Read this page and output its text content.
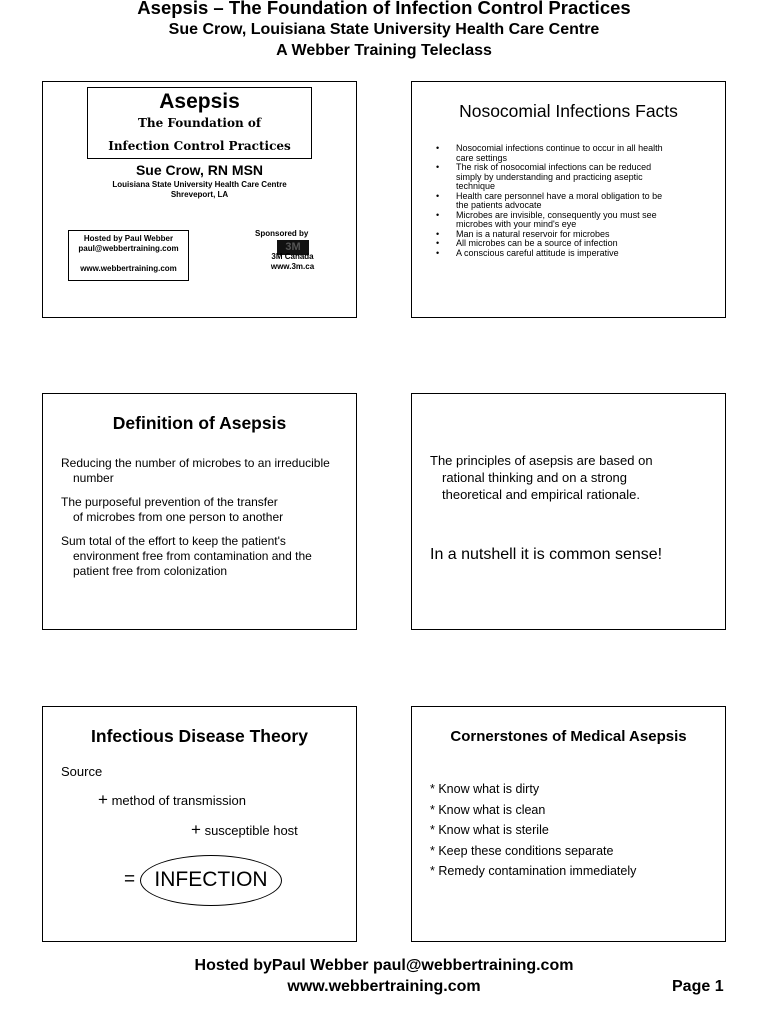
Asepsis – The Foundation of Infection Control Practices
Sue Crow, Louisiana State University Health Care Centre
A Webber Training Teleclass
Asepsis
The Foundation of
Infection Control Practices
Sue Crow, RN MSN
Louisiana State University Health Care Centre
Shreveport, LA
Hosted by Paul Webber
paul@webbertraining.com
www.webbertraining.com
Sponsored by
3M
3M Canada
www.3m.ca
Nosocomial Infections Facts
• Nosocomial infections continue to occur in all health
care settings
• The risk of nosocomial infections can be reduced
simply by understanding and practicing aseptic
technique
• Health care personnel have a moral obligation to be
the patients advocate
• Microbes are invisible, consequently you must see
microbes with your mind's eye
• Man is a natural reservoir for microbes
• All microbes can be a source of infection
• A conscious careful attitude is imperative
Definition of Asepsis

Reducing the number of microbes to an irreducible
number

The purposeful prevention of the transfer
of microbes from one person to another

Sum total of the effort to keep the patient's
environment free from contamination and the
patient free from colonization

The principles of asepsis are based on
rational thinking and on a strong
theoretical and empirical rationale.
In a nutshell it is common sense!
Infectious Disease Theory
Source
+ method of transmission
+ susceptible host
= INFECTION
Cornerstones of Medical Asepsis
* Know what is dirty
* Know what is clean
* Know what is sterile
* Keep these conditions separate
* Remedy contamination immediately
Hosted byPaul Webber paul@webbertraining.com
www.webbertraining.com	Page 1
